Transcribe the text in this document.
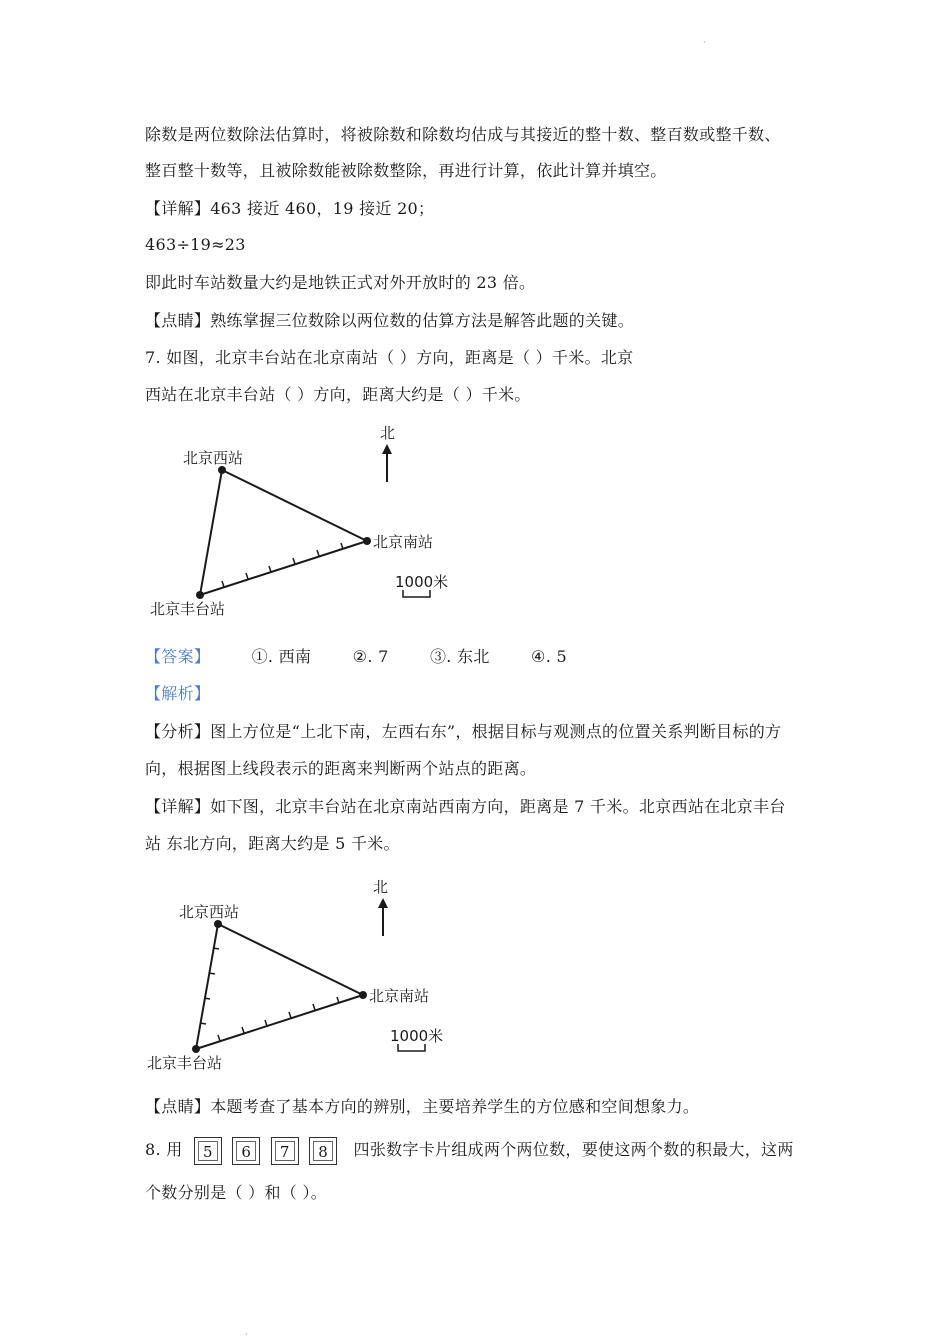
·
除数是两位数除法估算时，将被除数和除数均估成与其接近的整十数、整百数或整千数、
整百整十数等，且被除数能被除数整除，再进行计算，依此计算并填空。
【详解】463 接近 460，19 接近 20；
463÷19≈23
即此时车站数量大约是地铁正式对外开放时的 23 倍。
【点睛】熟练掌握三位数除以两位数的估算方法是解答此题的关键。
7. 如图，北京丰台站在北京南站（ ）方向，距离是（ ）千米。北京
西站在北京丰台站（ ）方向，距离大约是（ ）千米。
北
北京西站
北京南站
北京丰台站
1000米
【答案】	①. 西南	②. 7	③. 东北	④. 5
【解析】
【分析】图上方位是“上北下南，左西右东”，根据目标与观测点的位置关系判断目标的方
向，根据图上线段表示的距离来判断两个站点的距离。
【详解】如下图，北京丰台站在北京南站西南方向，距离是 7 千米。北京西站在北京丰台
站 东北方向，距离大约是 5 千米。
北
北京西站
北京南站
北京丰台站
1000米
【点睛】本题考查了基本方向的辨别，主要培养学生的方位感和空间想象力。
8. 用 5 6 7 8 四张数字卡片组成两个两位数，要使这两个数的积最大，这两
个数分别是（ ）和（ ）。
·
